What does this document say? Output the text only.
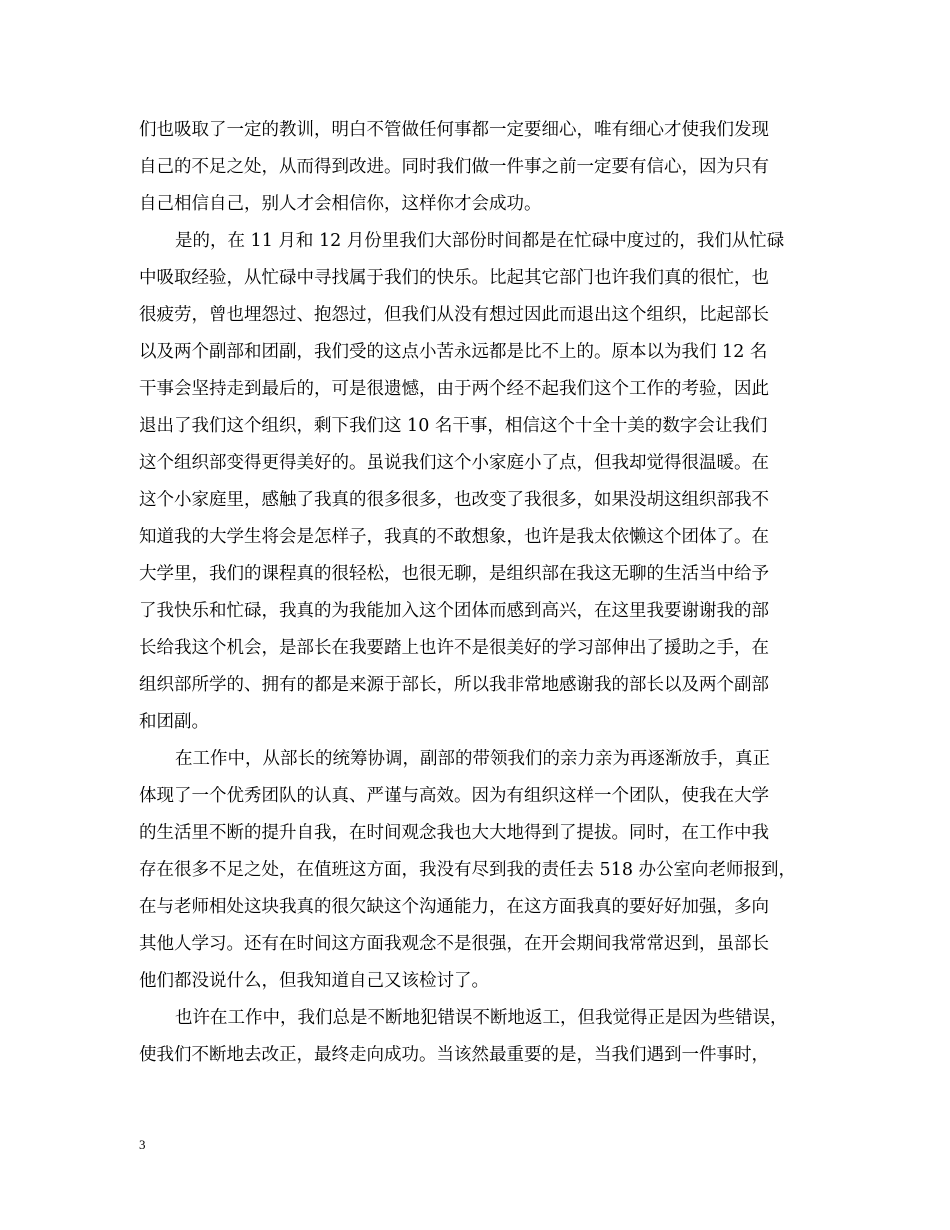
们也吸取了一定的教训，明白不管做任何事都一定要细心，唯有细心才使我们发现
自己的不足之处，从而得到改进。同时我们做一件事之前一定要有信心，因为只有
自己相信自己，别人才会相信你，这样你才会成功。
是的，在 11 月和 12 月份里我们大部份时间都是在忙碌中度过的，我们从忙碌
中吸取经验，从忙碌中寻找属于我们的快乐。比起其它部门也许我们真的很忙，也
很疲劳，曾也埋怨过、抱怨过，但我们从没有想过因此而退出这个组织，比起部长
以及两个副部和团副，我们受的这点小苦永远都是比不上的。原本以为我们 12 名
干事会坚持走到最后的，可是很遗憾，由于两个经不起我们这个工作的考验，因此
退出了我们这个组织，剩下我们这 10 名干事，相信这个十全十美的数字会让我们
这个组织部变得更得美好的。虽说我们这个小家庭小了点，但我却觉得很温暖。在
这个小家庭里，感触了我真的很多很多，也改变了我很多，如果没胡这组织部我不
知道我的大学生将会是怎样子，我真的不敢想象，也许是我太依懒这个团体了。在
大学里，我们的课程真的很轻松，也很无聊，是组织部在我这无聊的生活当中给予
了我快乐和忙碌，我真的为我能加入这个团体而感到高兴，在这里我要谢谢我的部
长给我这个机会，是部长在我要踏上也许不是很美好的学习部伸出了援助之手，在
组织部所学的、拥有的都是来源于部长，所以我非常地感谢我的部长以及两个副部
和团副。
在工作中，从部长的统筹协调，副部的带领我们的亲力亲为再逐渐放手，真正
体现了一个优秀团队的认真、严谨与高效。因为有组织这样一个团队，使我在大学
的生活里不断的提升自我，在时间观念我也大大地得到了提拔。同时，在工作中我
存在很多不足之处，在值班这方面，我没有尽到我的责任去 518 办公室向老师报到，
在与老师相处这块我真的很欠缺这个沟通能力，在这方面我真的要好好加强，多向
其他人学习。还有在时间这方面我观念不是很强，在开会期间我常常迟到，虽部长
他们都没说什么，但我知道自己又该检讨了。
也许在工作中，我们总是不断地犯错误不断地返工，但我觉得正是因为些错误，
使我们不断地去改正，最终走向成功。当该然最重要的是，当我们遇到一件事时，
3
